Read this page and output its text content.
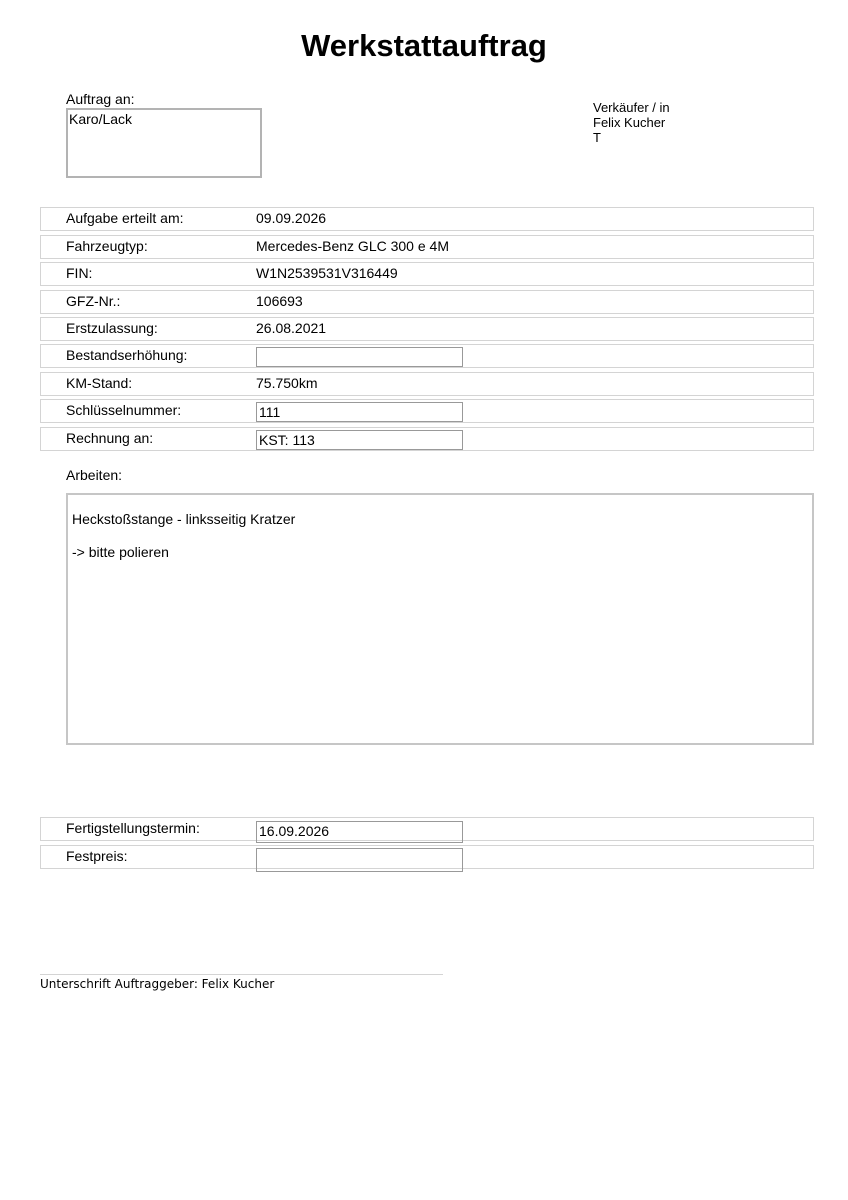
Werkstattauftrag
Auftrag an:
Karo/Lack
Verkäufer / in
Felix Kucher
T
Aufgabe erteilt am:	09.09.2026
Fahrzeugtyp:	Mercedes-Benz GLC 300 e 4M
FIN:	W1N2539531V316449
GFZ-Nr.:	106693
Erstzulassung:	26.08.2021
Bestandserhöhung:
KM-Stand:	75.750km
Schlüsselnummer:	111
Rechnung an:	KST: 113
Arbeiten:

Heckstoßstange - linksseitig Kratzer

-> bitte polieren

Fertigstellungstermin:	16.09.2026
Festpreis:
Unterschrift Auftraggeber: Felix Kucher
